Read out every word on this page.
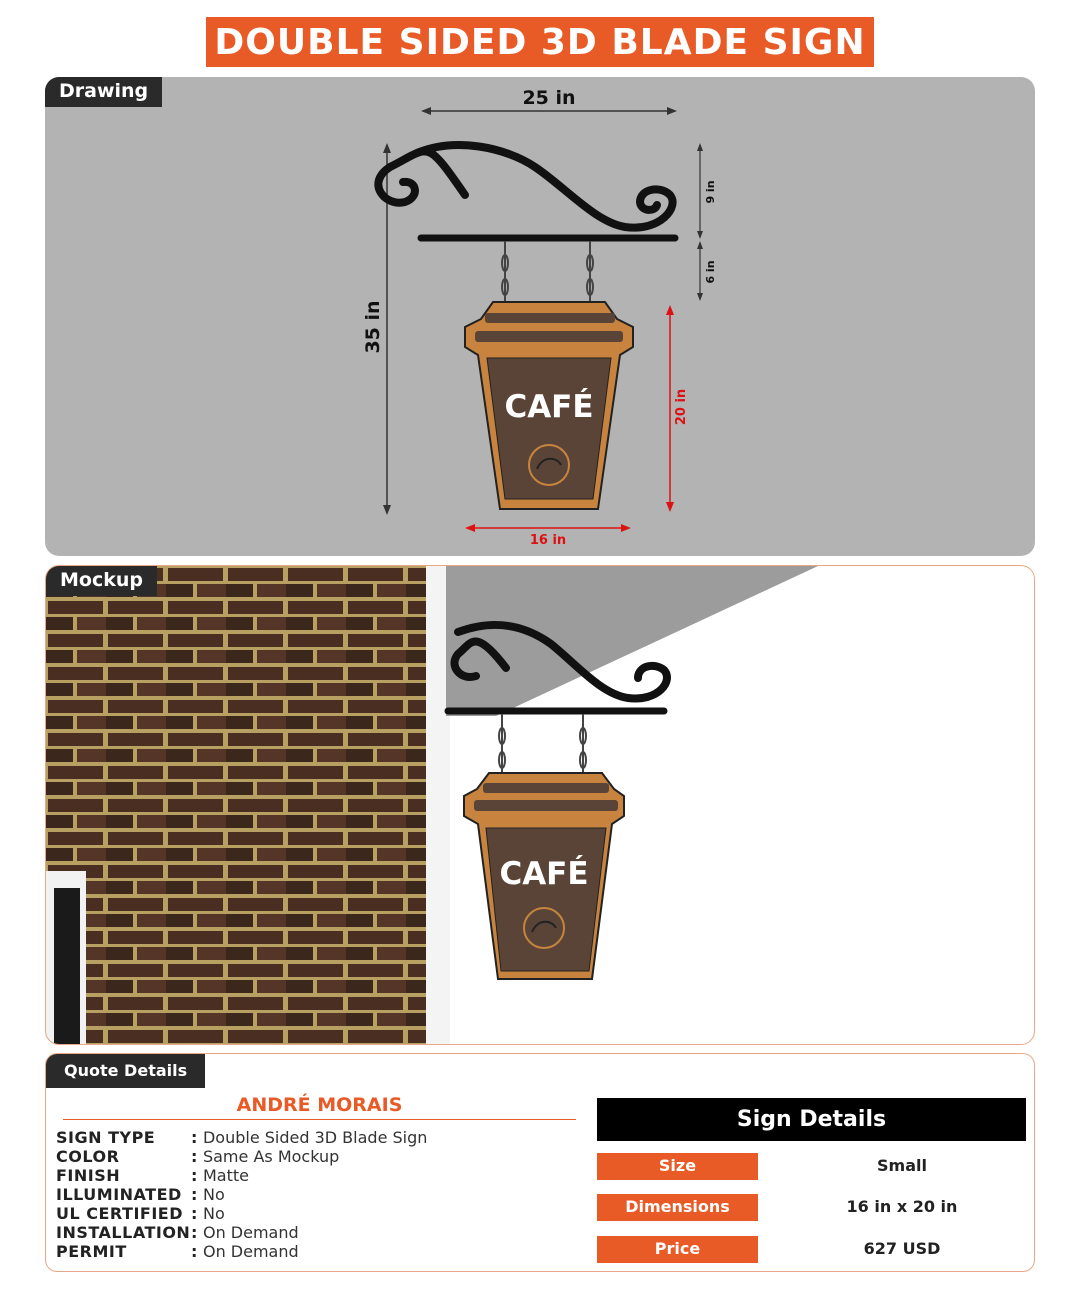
DOUBLE SIDED 3D BLADE SIGN
Drawing	25 in
35 in
9 in
6 in
CAFÉ	20 in
16 in
Mockup
CAFÉ
Quote Details
ANDRÉ MORAIS
SIGN TYPE : Double Sided 3D Blade Sign
COLOR	: Same As Mockup
FINISH	: Matte
ILLUMINATED : No
UL CERTIFIED : No
INSTALLATION: On Demand
PERMIT	: On Demand
Sign Details
Size	Small
Dimensions	16 in x 20 in
Price	627 USD
